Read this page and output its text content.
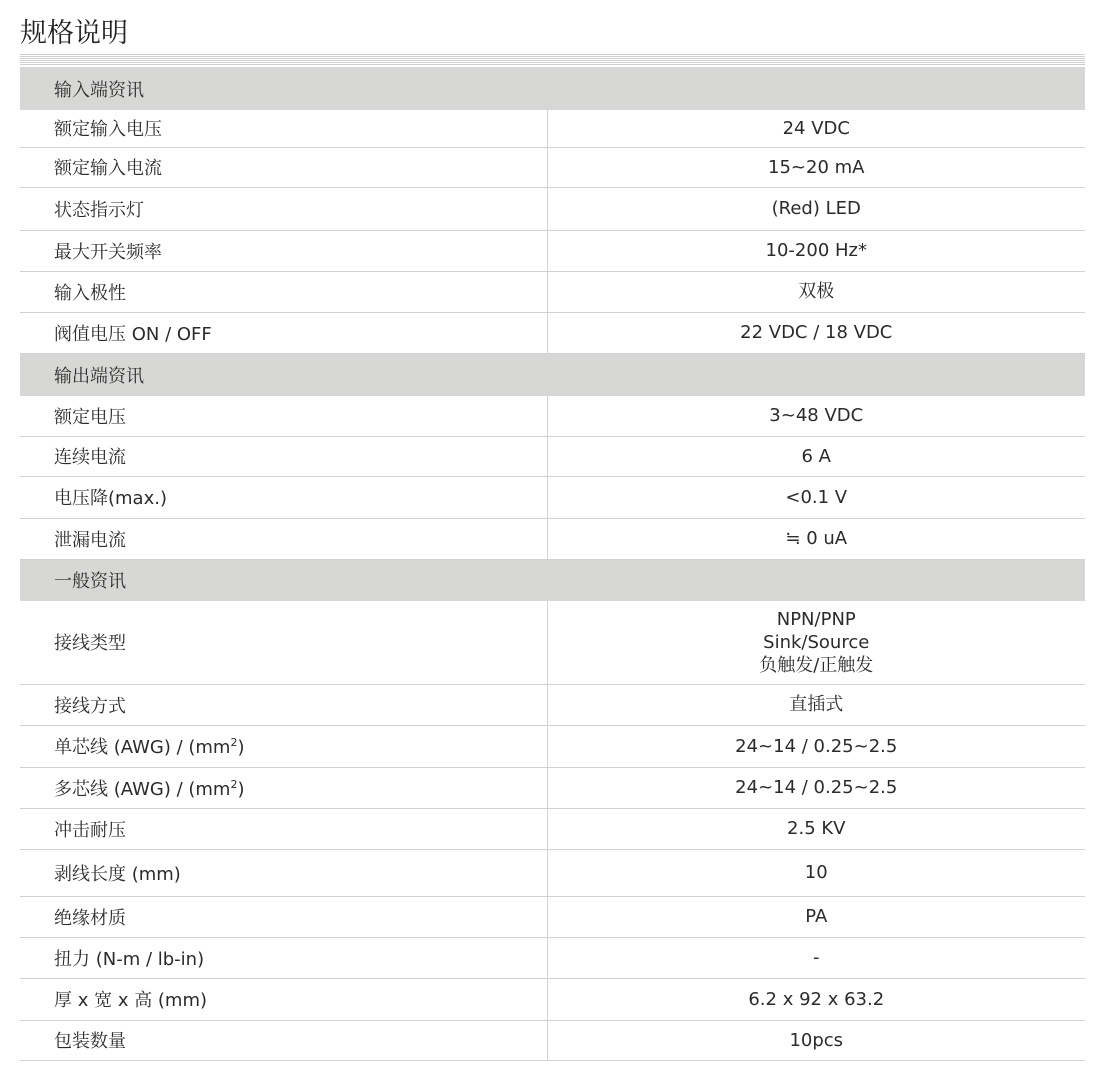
规格说明
输入端资讯	
额定输入电压	24 VDC
额定输入电流	15~20 mA
状态指示灯	(Red) LED
最大开关频率	10-200 Hz*
输入极性	双极
阀值电压 ON / OFF	22 VDC / 18 VDC
输出端资讯	
额定电压	3~48 VDC
连续电流	6 A
电压降(max.)	<0.1 V
泄漏电流	≒ 0 uA
一般资讯	
接线类型	NPN/PNP
Sink/Source
负触发/正触发

接线方式	直插式
单芯线 $(AWG) / (mm^2)$	24~14 / 0.25~2.5
多芯线 $(AWG) / (mm^2)$	24~14 / 0.25~2.5
冲击耐压	2.5 KV
剥线长度 (mm)	10
绝缘材质	PA
扭力 (N-m / lb-in)	-
厚 x 宽 x 高 (mm)	6.2 x 92 x 63.2
包装数量	10pcs
